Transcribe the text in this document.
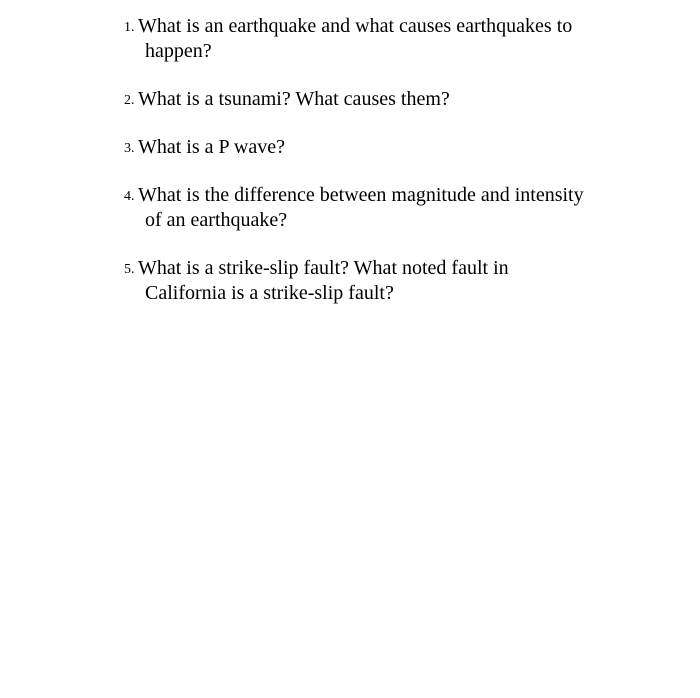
1. What is an earthquake and what causes earthquakes to
happen?
2. What is a tsunami? What causes them?
3. What is a P wave?
4. What is the difference between magnitude and intensity
of an earthquake?
5. What is a strike-slip fault? What noted fault in
California is a strike-slip fault?
